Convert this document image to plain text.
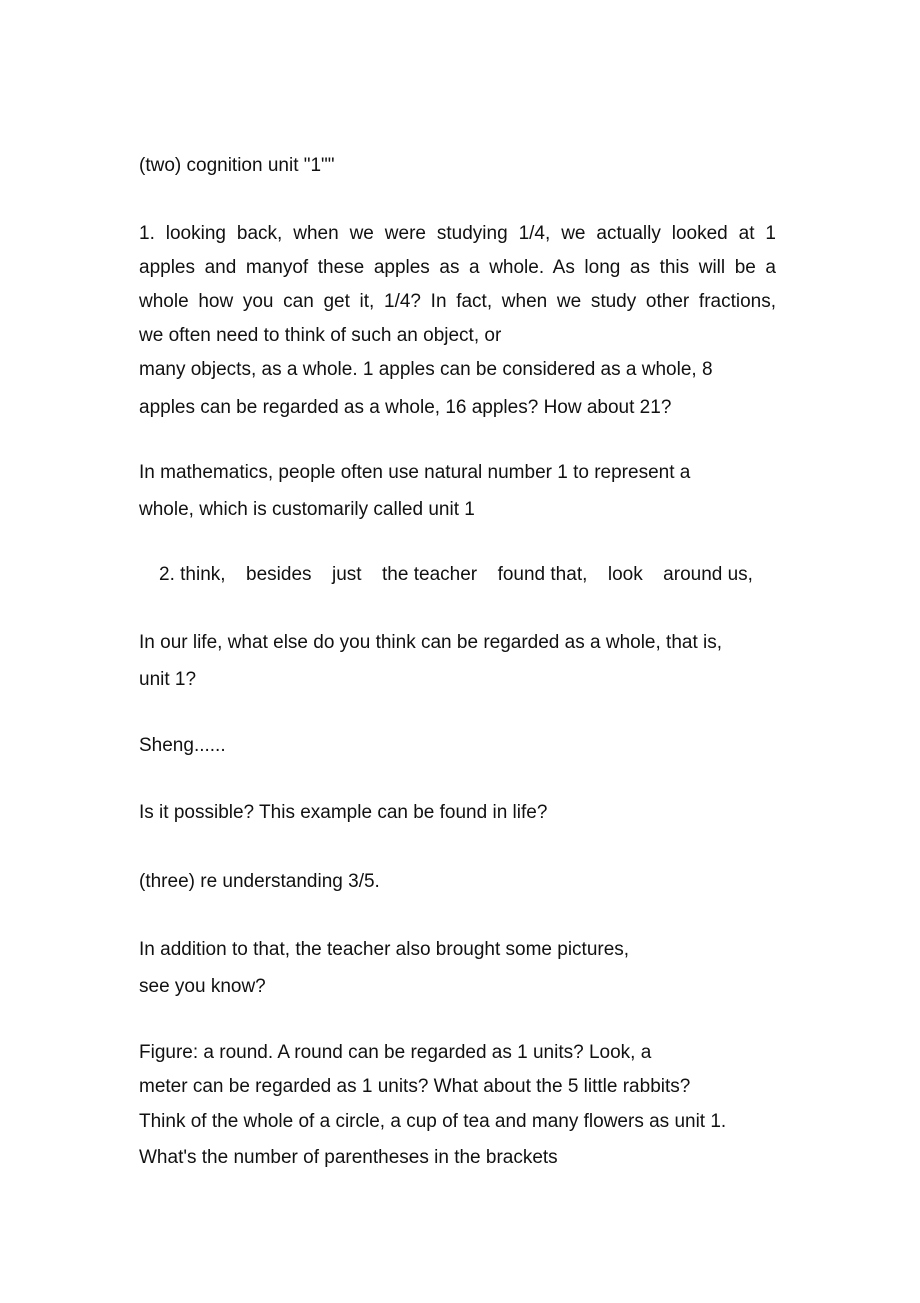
(two) cognition unit "1""

1. looking back, when we were studying 1/4, we actually looked at 1

apples and manyof these apples as a whole. As long as this will be a

whole how you can get it, 1/4? In fact, when we study other fractions,

we often need to think of such an object, or

many objects, as a whole. 1 apples can be considered as a whole, 8

apples can be regarded as a whole, 16 apples? How about 21?

In mathematics, people often use natural number 1 to represent a

whole, which is customarily called unit 1

2. think, besides just the teacher found that, look around us,

In our life, what else do you think can be regarded as a whole, that is,

unit 1?

Sheng......

Is it possible? This example can be found in life?

(three) re understanding 3/5.

In addition to that, the teacher also brought some pictures,

see you know?

Figure: a round. A round can be regarded as 1 units? Look, a

meter can be regarded as 1 units? What about the 5 little rabbits?

Think of the whole of a circle, a cup of tea and many flowers as unit 1.

What's the number of parentheses in the brackets
